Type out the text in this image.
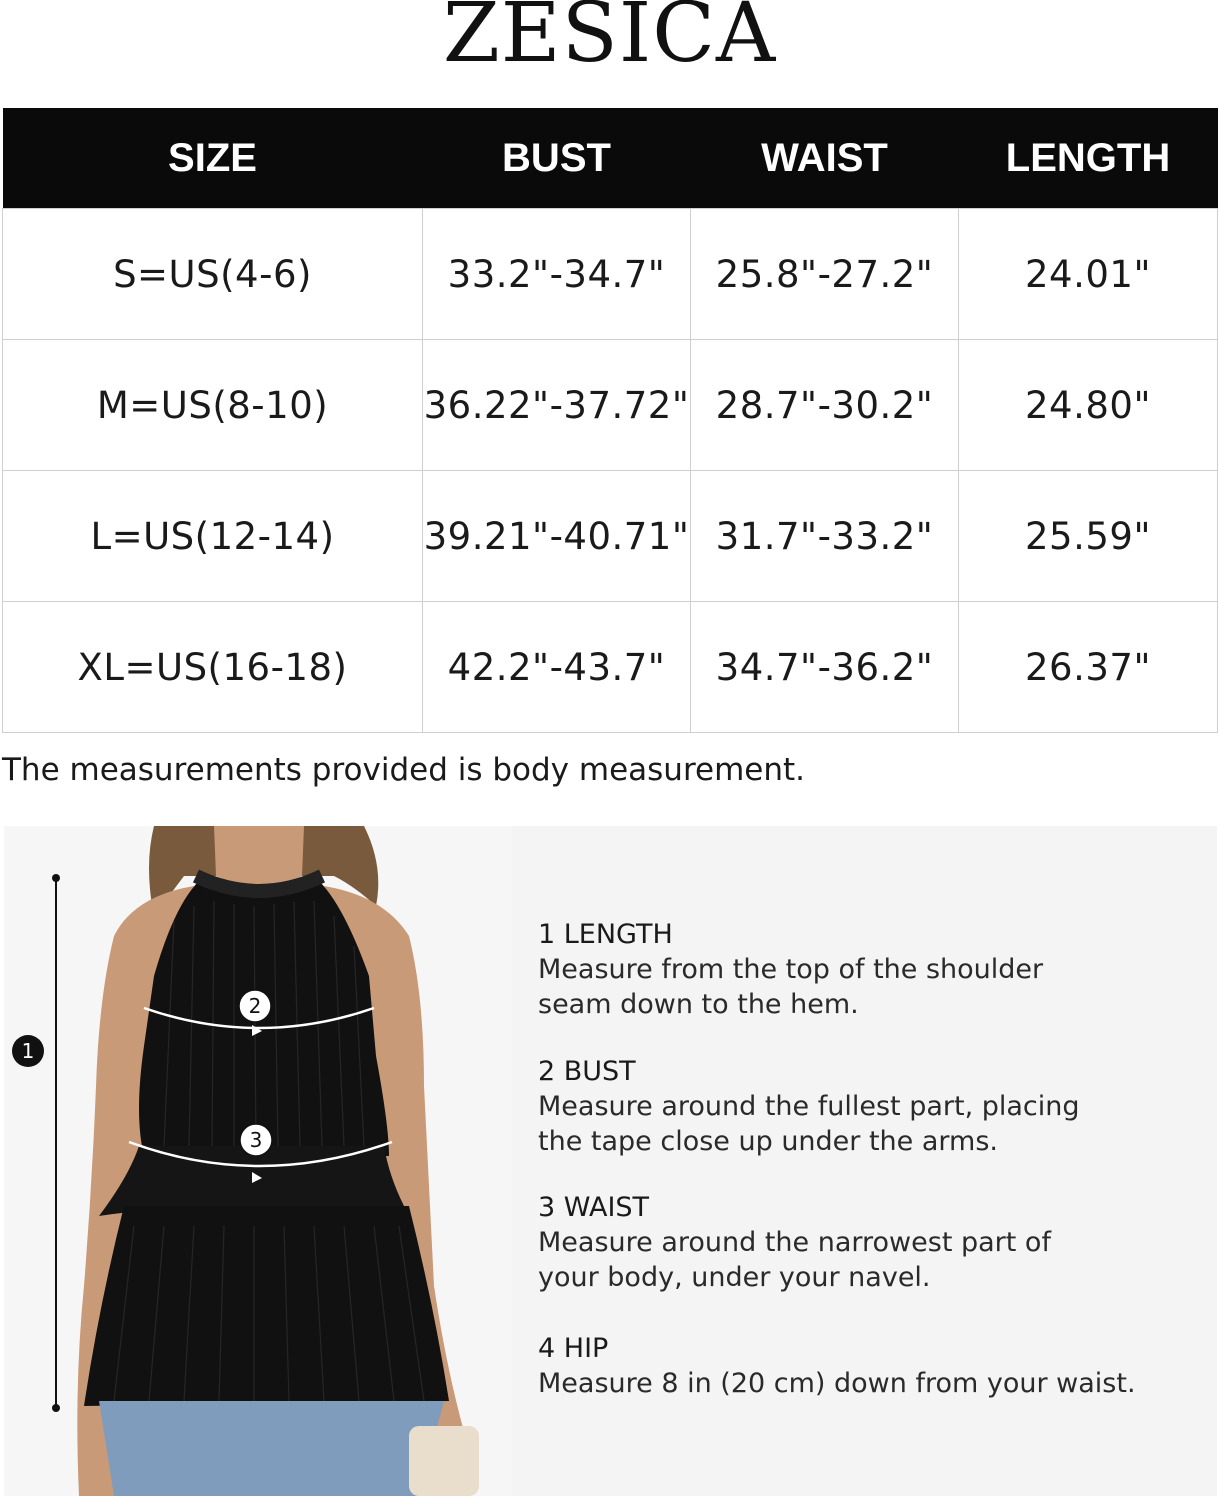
ZESICA
SIZE	BUST	WAIST	LENGTH
S=US(4-6)	33.2"-34.7"	25.8"-27.2"	24.01"
M=US(8-10)	36.22"-37.72"	28.7"-30.2"	24.80"
L=US(12-14)	39.21"-40.71"	31.7"-33.2"	25.59"
XL=US(16-18)	42.2"-43.7"	34.7"-36.2"	26.37"
The measurements provided is body measurement.
1
2
3
1 LENGTH

Measure from the top of the shoulder

seam down to the hem.

2 BUST

Measure around the fullest part, placing

the tape close up under the arms.

3 WAIST

Measure around the narrowest part of

your body, under your navel.

4 HIP

Measure 8 in (20 cm) down from your waist.
